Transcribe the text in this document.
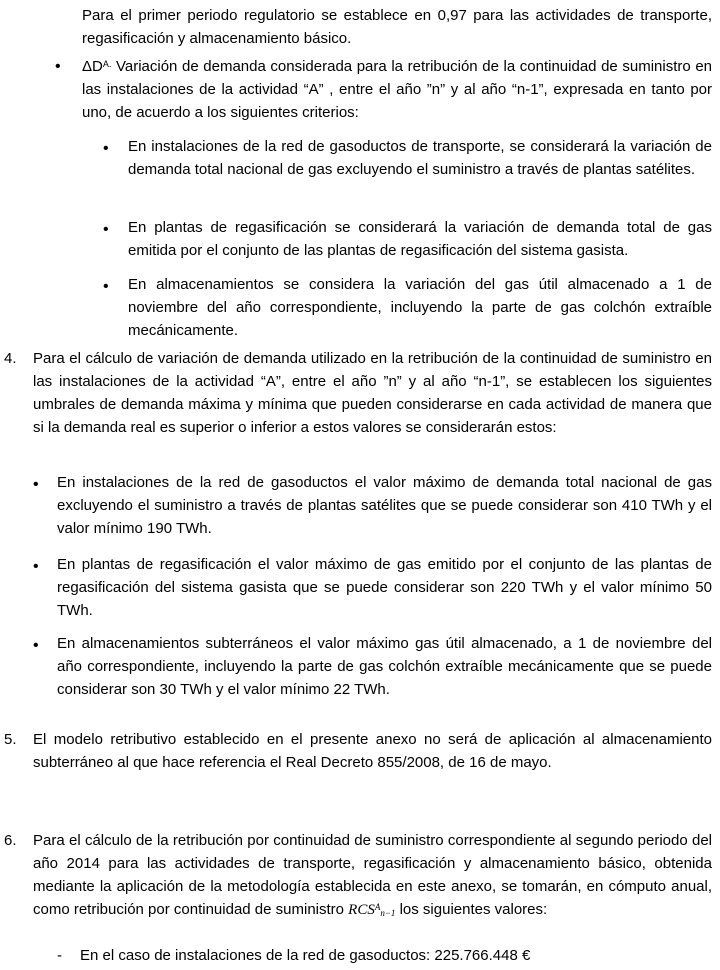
Para el primer periodo regulatorio se establece en 0,97 para las actividades de transporte, regasificación y almacenamiento básico.

• $\Delta D^{A.}$ Variación de demanda considerada para la retribución de la continuidad de suministro en las instalaciones de la actividad “A” , entre el año ”n” y al año “n-1”, expresada en tanto por uno, de acuerdo a los siguientes criterios:

• En instalaciones de la red de gasoductos de transporte, se considerará la variación de demanda total nacional de gas excluyendo el suministro a través de plantas satélites.

• En plantas de regasificación se considerará la variación de demanda total de gas emitida por el conjunto de las plantas de regasificación del sistema gasista.

• En almacenamientos se considera la variación del gas útil almacenado a 1 de noviembre del año correspondiente, incluyendo la parte de gas colchón extraíble mecánicamente.

4. Para el cálculo de variación de demanda utilizado en la retribución de la continuidad de suministro en las instalaciones de la actividad “A”, entre el año ”n” y al año “n-1”, se establecen los siguientes umbrales de demanda máxima y mínima que pueden considerarse en cada actividad de manera que si la demanda real es superior o inferior a estos valores se considerarán estos:

• En instalaciones de la red de gasoductos el valor máximo de demanda total nacional de gas excluyendo el suministro a través de plantas satélites que se puede considerar son 410 TWh y el valor mínimo 190 TWh.

• En plantas de regasificación el valor máximo de gas emitido por el conjunto de las plantas de regasificación del sistema gasista que se puede considerar son 220 TWh y el valor mínimo 50 TWh.

• En almacenamientos subterráneos el valor máximo gas útil almacenado, a 1 de noviembre del año correspondiente, incluyendo la parte de gas colchón extraíble mecánicamente que se puede considerar son 30 TWh y el valor mínimo 22 TWh.

5. El modelo retributivo establecido en el presente anexo no será de aplicación al almacenamiento subterráneo al que hace referencia el Real Decreto 855/2008, de 16 de mayo.

6. Para el cálculo de la retribución por continuidad de suministro correspondiente al segundo periodo del año 2014 para las actividades de transporte, regasificación y almacenamiento básico, obtenida mediante la aplicación de la metodología establecida en este anexo, se tomarán, en cómputo anual, como retribución por continuidad de suministro $RCS^A_{n-1}$ los siguientes valores:

- En el caso de instalaciones de la red de gasoductos: 225.766.448 €
